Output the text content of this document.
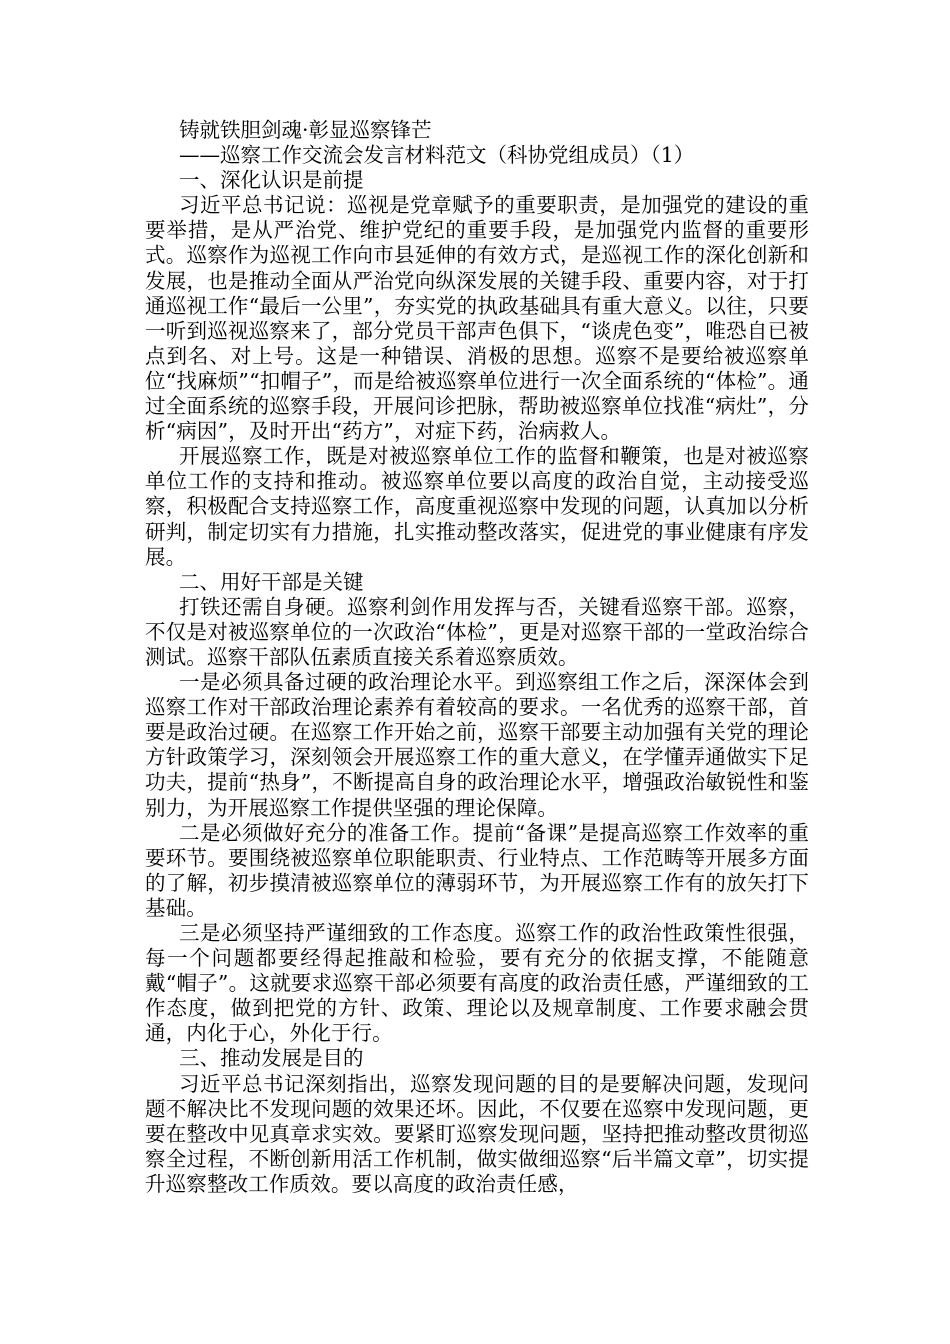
铸就铁胆剑魂·彰显巡察锋芒
——巡察工作交流会发言材料范文（科协党组成员）（1）
一、深化认识是前提

习近平总书记说：巡视是党章赋予的重要职责，是加强党的建设的重要举措，是从严治党、维护党纪的重要手段，是加强党内监督的重要形式。巡察作为巡视工作向市县延伸的有效方式，是巡视工作的深化创新和发展，也是推动全面从严治党向纵深发展的关键手段、重要内容，对于打通巡视工作“最后一公里”，夯实党的执政基础具有重大意义。以往，只要一听到巡视巡察来了，部分党员干部声色俱下，“谈虎色变”，唯恐自已被点到名、对上号。这是一种错误、消极的思想。巡察不是要给被巡察单位“找麻烦”“扣帽子”，而是给被巡察单位进行一次全面系统的“体检”。通过全面系统的巡察手段，开展问诊把脉，帮助被巡察单位找准“病灶”，分析“病因”，及时开出“药方”，对症下药，治病救人。

开展巡察工作，既是对被巡察单位工作的监督和鞭策，也是对被巡察单位工作的支持和推动。被巡察单位要以高度的政治自觉，主动接受巡察，积极配合支持巡察工作，高度重视巡察中发现的问题，认真加以分析研判，制定切实有力措施，扎实推动整改落实，促进党的事业健康有序发展。

二、用好干部是关键

打铁还需自身硬。巡察利剑作用发挥与否，关键看巡察干部。巡察，不仅是对被巡察单位的一次政治“体检”，更是对巡察干部的一堂政治综合测试。巡察干部队伍素质直接关系着巡察质效。

一是必须具备过硬的政治理论水平。到巡察组工作之后，深深体会到巡察工作对干部政治理论素养有着较高的要求。一名优秀的巡察干部，首要是政治过硬。在巡察工作开始之前，巡察干部要主动加强有关党的理论方针政策学习，深刻领会开展巡察工作的重大意义，在学懂弄通做实下足功夫，提前“热身”，不断提高自身的政治理论水平，增强政治敏锐性和鉴别力，为开展巡察工作提供坚强的理论保障。

二是必须做好充分的准备工作。提前“备课”是提高巡察工作效率的重要环节。要围绕被巡察单位职能职责、行业特点、工作范畴等开展多方面的了解，初步摸清被巡察单位的薄弱环节，为开展巡察工作有的放矢打下基础。

三是必须坚持严谨细致的工作态度。巡察工作的政治性政策性很强，每一个问题都要经得起推敲和检验，要有充分的依据支撑，不能随意戴“帽子”。这就要求巡察干部必须要有高度的政治责任感，严谨细致的工作态度，做到把党的方针、政策、理论以及规章制度、工作要求融会贯通，内化于心，外化于行。

三、推动发展是目的

习近平总书记深刻指出，巡察发现问题的目的是要解决问题，发现问题不解决比不发现问题的效果还坏。因此，不仅要在巡察中发现问题，更要在整改中见真章求实效。要紧盯巡察发现问题，坚持把推动整改贯彻巡察全过程，不断创新用活工作机制，做实做细巡察“后半篇文章”，切实提升巡察整改工作质效。要以高度的政治责任感，
